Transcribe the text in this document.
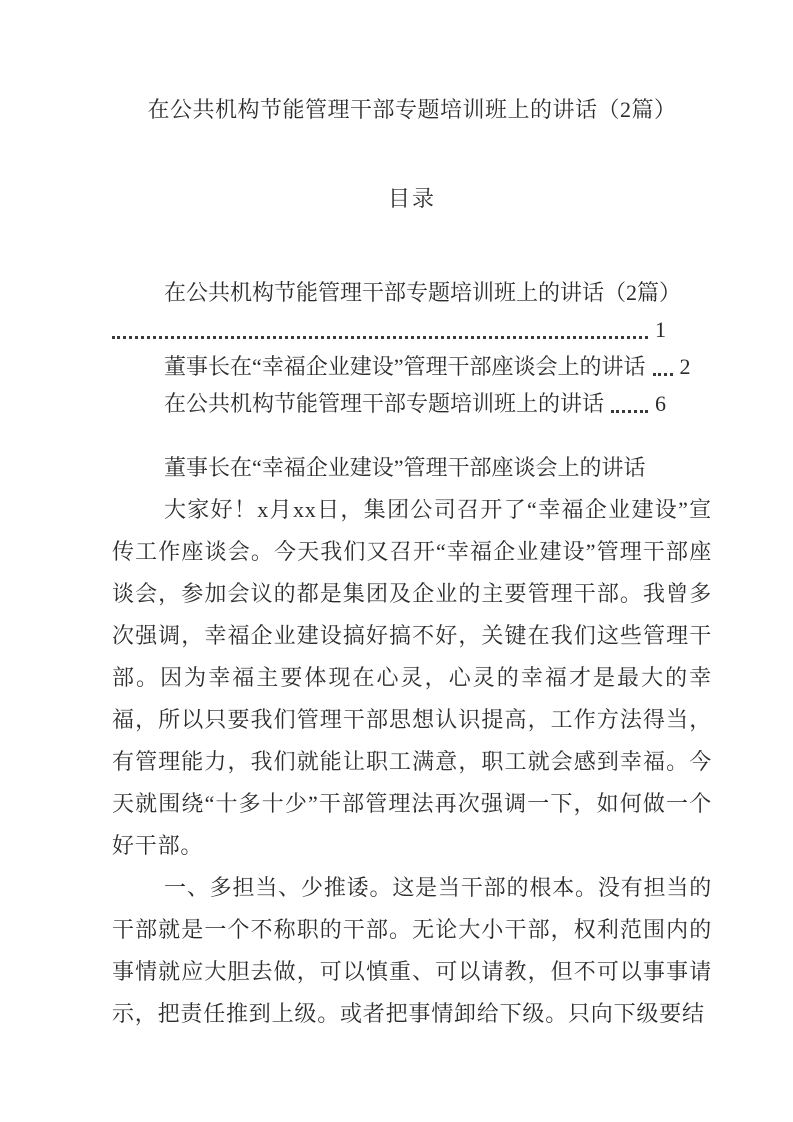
在公共机构节能管理干部专题培训班上的讲话（2篇）
目录
在公共机构节能管理干部专题培训班上的讲话（2篇）
1
董事长在“幸福企业建设”管理干部座谈会上的讲话 2
在公共机构节能管理干部专题培训班上的讲话 6
董事长在“幸福企业建设”管理干部座谈会上的讲话

大家好！x月xx日，集团公司召开了“幸福企业建设”宣传工作座谈会。今天我们又召开“幸福企业建设”管理干部座谈会，参加会议的都是集团及企业的主要管理干部。我曾多次强调，幸福企业建设搞好搞不好，关键在我们这些管理干部。因为幸福主要体现在心灵，心灵的幸福才是最大的幸福，所以只要我们管理干部思想认识提高，工作方法得当，有管理能力，我们就能让职工满意，职工就会感到幸福。今天就围绕“十多十少”干部管理法再次强调一下，如何做一个好干部。

一、多担当、少推诿。这是当干部的根本。没有担当的干部就是一个不称职的干部。无论大小干部，权利范围内的事情就应大胆去做，可以慎重、可以请教，但不可以事事请示，把责任推到上级。或者把事情卸给下级。只向下级要结
